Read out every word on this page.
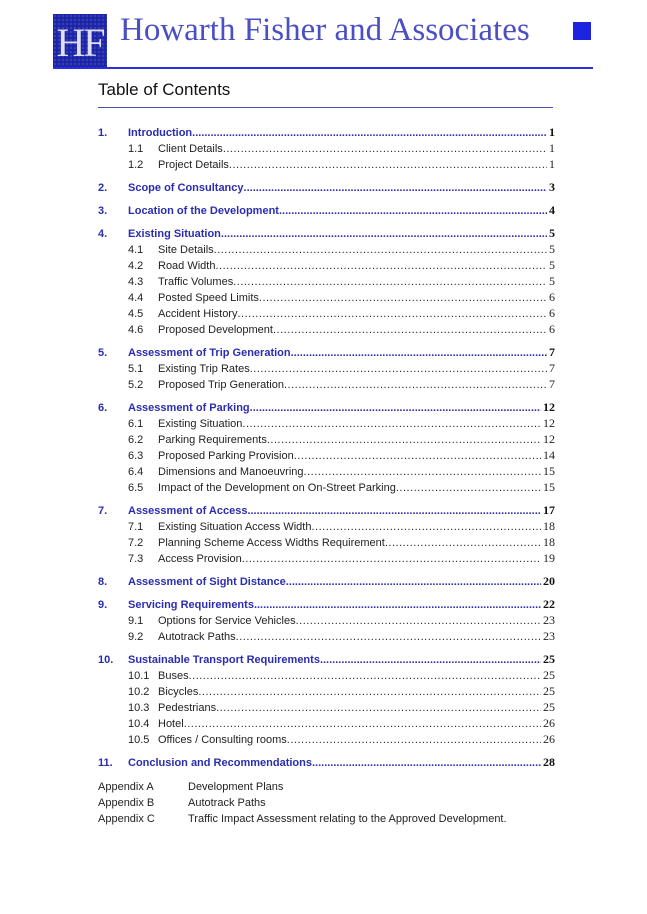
HF Howarth Fisher and Associates
Table of Contents
1.	Introduction .....	1
1.1	Client Details .....	1
1.2	Project Details .....	1
2.	Scope of Consultancy .....	3
3.	Location of the Development .....	4
4.	Existing Situation .....	5
4.1	Site Details .....	5
4.2	Road Width .....	5
4.3	Traffic Volumes .....	5
4.4	Posted Speed Limits .....	6
4.5	Accident History .....	6
4.6	Proposed Development .....	6
5.	Assessment of Trip Generation .....	7
5.1	Existing Trip Rates .....	7
5.2	Proposed Trip Generation .....	7
6.	Assessment of Parking .....	12
6.1	Existing Situation .....	12
6.2	Parking Requirements .....	12
6.3	Proposed Parking Provision .....	14
6.4	Dimensions and Manoeuvring .....	15
6.5	Impact of the Development on On-Street Parking .....	15
7.	Assessment of Access .....	17
7.1	Existing Situation Access Width .....	18
7.2	Planning Scheme Access Widths Requirement .....	18
7.3	Access Provision .....	19
8.	Assessment of Sight Distance .....	20
9.	Servicing Requirements .....	22
9.1	Options for Service Vehicles .....	23
9.2	Autotrack Paths .....	23
10.	Sustainable Transport Requirements .....	25
10.1 Buses .....	25
10.2 Bicycles .....	25
10.3 Pedestrians .....	25
10.4 Hotel .....	26
10.5 Offices / Consulting rooms .....	26
11.	Conclusion and Recommendations .....	28
Appendix A	Development Plans
Appendix B	Autotrack Paths
Appendix C	Traffic Impact Assessment relating to the Approved Development.
